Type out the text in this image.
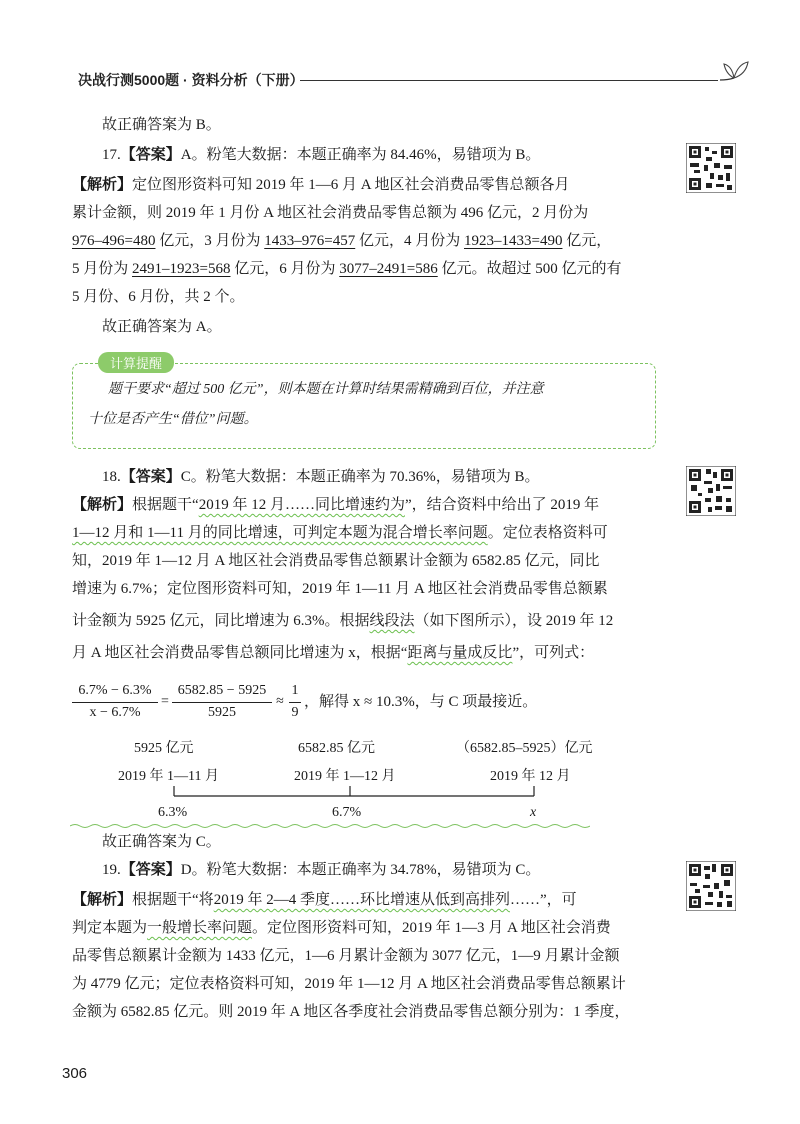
决战行测5000题 · 资料分析（下册）
故正确答案为 B。
17.【答案】A。粉笔大数据：本题正确率为 84.46%，易错项为 B。
【解析】定位图形资料可知 2019 年 1—6 月 A 地区社会消费品零售总额各月
累计金额，则 2019 年 1 月份 A 地区社会消费品零售总额为 496 亿元，2 月份为
976–496=480 亿元，3 月份为 1433–976=457 亿元，4 月份为 1923–1433=490 亿元，
5 月份为 2491–1923=568 亿元，6 月份为 3077–2491=586 亿元。故超过 500 亿元的有
5 月份、6 月份，共 2 个。
故正确答案为 A。
计算提醒
题干要求“超过 500 亿元”，则本题在计算时结果需精确到百位，并注意
十位是否产生“借位”问题。
18.【答案】C。粉笔大数据：本题正确率为 70.36%，易错项为 B。
【解析】根据题干“2019 年 12 月……同比增速约为”，结合资料中给出了 2019 年
1—12 月和 1—11 月的同比增速，可判定本题为混合增长率问题。定位表格资料可
知，2019 年 1—12 月 A 地区社会消费品零售总额累计金额为 6582.85 亿元，同比
增速为 6.7%；定位图形资料可知，2019 年 1—11 月 A 地区社会消费品零售总额累
计金额为 5925 亿元，同比增速为 6.3%。根据线段法（如下图所示），设 2019 年 12
月 A 地区社会消费品零售总额同比增速为 x，根据“距离与量成反比”，可列式：
6.7% − 6.3%
x − 6.7%
=
6582.85 − 5925
5925
≈
1
9
，解得 x ≈ 10.3%，与 C 项最接近。
5925 亿元	6582.85 亿元	（6582.85–5925）亿元
2019 年 1—11 月	2019 年 1—12 月	2019 年 12 月
6.3%	6.7%	x
故正确答案为 C。
19.【答案】D。粉笔大数据：本题正确率为 34.78%，易错项为 C。
【解析】根据题干“将2019 年 2—4 季度……环比增速从低到高排列……”，可
判定本题为一般增长率问题。定位图形资料可知，2019 年 1—3 月 A 地区社会消费
品零售总额累计金额为 1433 亿元，1—6 月累计金额为 3077 亿元，1—9 月累计金额
为 4779 亿元；定位表格资料可知，2019 年 1—12 月 A 地区社会消费品零售总额累计
金额为 6582.85 亿元。则 2019 年 A 地区各季度社会消费品零售总额分别为：1 季度，
306
